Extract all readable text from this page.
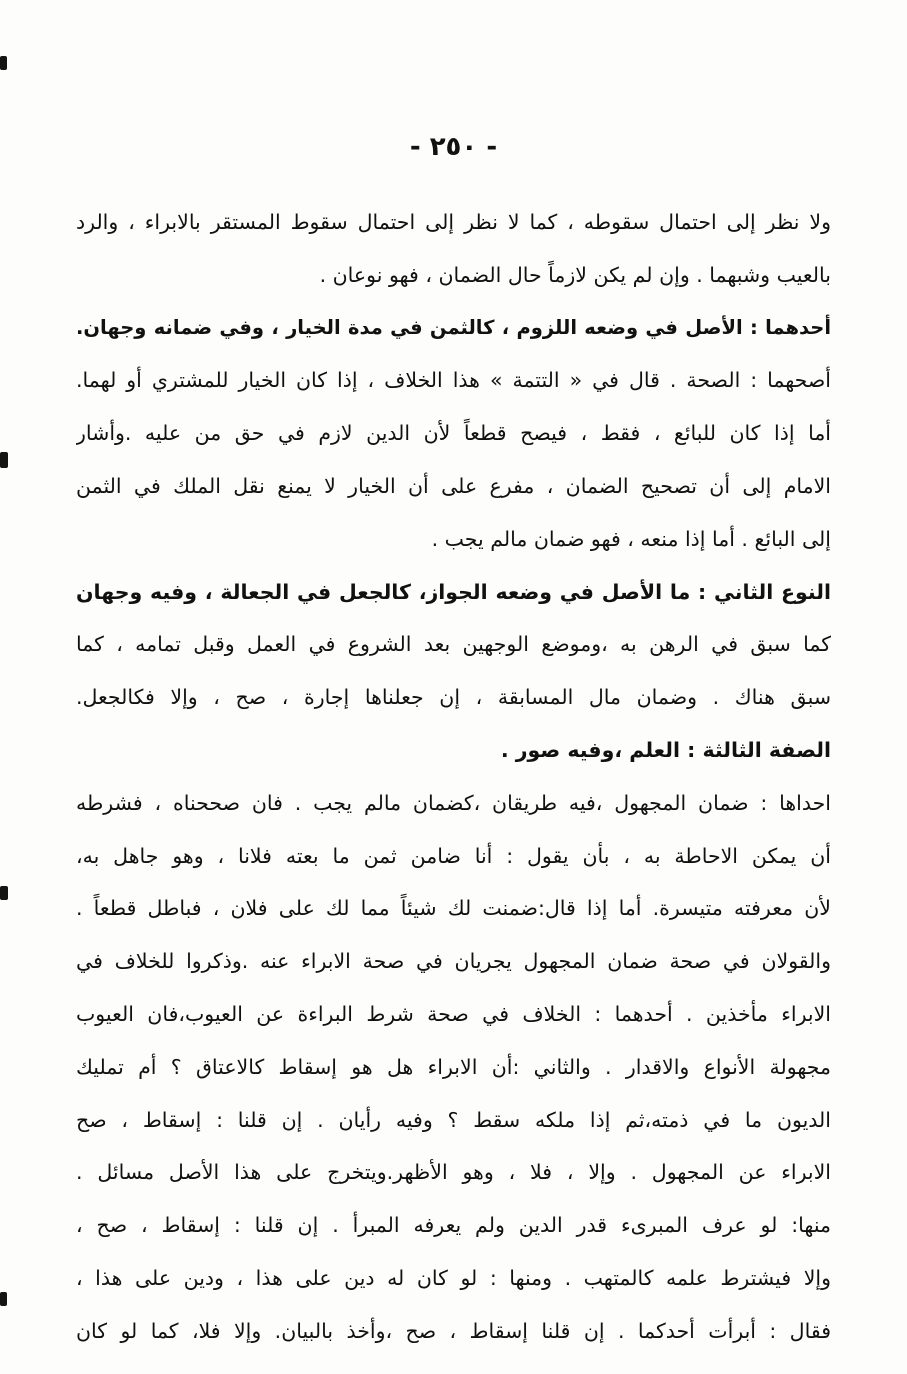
- ٢٥٠ -
ولا نظر إلى احتمال سقوطه ، كما لا نظر إلى احتمال سقوط المستقر بالابراء ، والرد
بالعيب وشبهما . وإن لم يكن لازماً حال الضمان ، فهو نوعان .
أحدهما : الأصل في وضعه اللزوم ، كالثمن في مدة الخيار ، وفي ضمانه وجهان.
أصحهما : الصحة . قال في « التتمة » هذا الخلاف ، إذا كان الخيار للمشتري أو لهما.
أما إذا كان للبائع ، فقط ، فيصح قطعاً لأن الدين لازم في حق من عليه .وأشار
الامام إلى أن تصحيح الضمان ، مفرع على أن الخيار لا يمنع نقل الملك في الثمن
إلى البائع . أما إذا منعه ، فهو ضمان مالم يجب .
النوع الثاني : ما الأصل في وضعه الجواز، كالجعل في الجعالة ، وفيه وجهان
كما سبق في الرهن به ،وموضع الوجهين بعد الشروع في العمل وقبل تمامه ، كما
سبق هناك . وضمان مال المسابقة ، إن جعلناها إجارة ، صح ، وإلا فكالجعل.
الصفة الثالثة : العلم ،وفيه صور .
احداها : ضمان المجهول ،فيه طريقان ،كضمان مالم يجب . فان صححناه ، فشرطه
أن يمكن الاحاطة به ، بأن يقول : أنا ضامن ثمن ما بعته فلانا ، وهو جاهل به،
لأن معرفته متيسرة. أما إذا قال:ضمنت لك شيئاً مما لك على فلان ، فباطل قطعاً .
والقولان في صحة ضمان المجهول يجريان في صحة الابراء عنه .وذكروا للخلاف في
الابراء مأخذين . أحدهما : الخلاف في صحة شرط البراءة عن العيوب،فان العيوب
مجهولة الأنواع والاقدار . والثاني :أن الابراء هل هو إسقاط كالاعتاق ؟ أم تمليك
الديون ما في ذمته،ثم إذا ملكه سقط ؟ وفيه رأيان . إن قلنا : إسقاط ، صح
الابراء عن المجهول . وإلا ، فلا ، وهو الأظهر.ويتخرج على هذا الأصل مسائل .
منها: لو عرف المبرىء قدر الدين ولم يعرفه المبرأ . إن قلنا : إسقاط ، صح ،
وإلا فيشترط علمه كالمتهب . ومنها : لو كان له دين على هذا ، ودين على هذا ،
فقال : أبرأت أحدكما . إن قلنا إسقاط ، صح ،وأخذ بالبيان. وإلا فلا، كما لو كان
